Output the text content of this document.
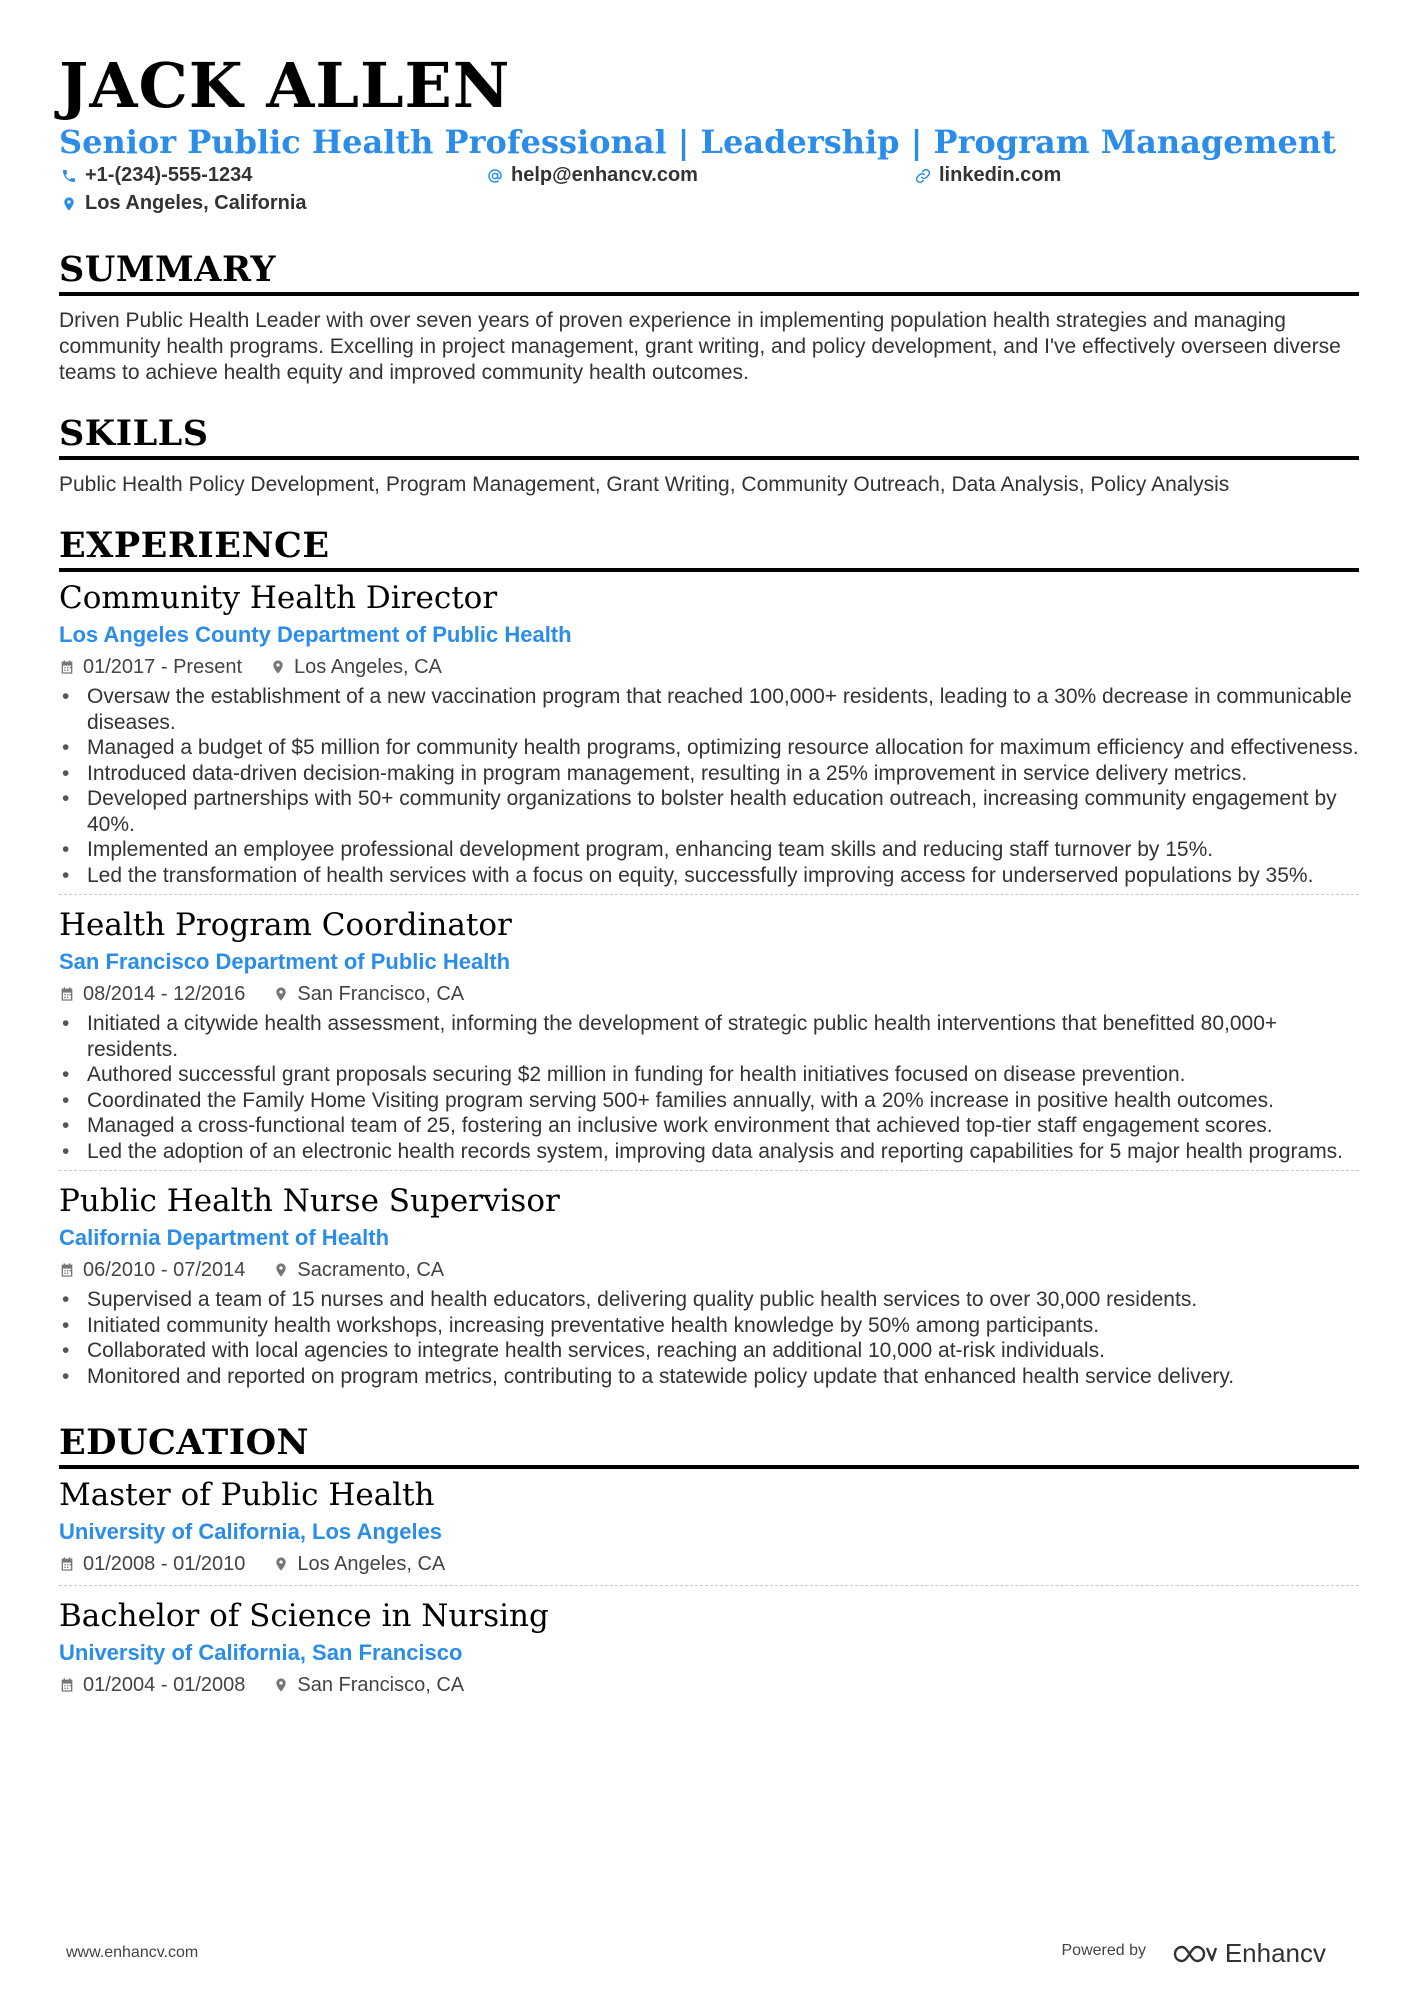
JACK ALLEN
Senior Public Health Professional | Leadership | Program Management
+1-(234)-555-1234	help@enhancv.com	linkedin.com
Los Angeles, California
SUMMARY
Driven Public Health Leader with over seven years of proven experience in implementing population health strategies and managing community health programs. Excelling in project management, grant writing, and policy development, and I've effectively overseen diverse teams to achieve health equity and improved community health outcomes.
SKILLS
Public Health Policy Development, Program Management, Grant Writing, Community Outreach, Data Analysis, Policy Analysis
EXPERIENCE
Community Health Director
Los Angeles County Department of Public Health
01/2017 - Present	Los Angeles, CA
• Oversaw the establishment of a new vaccination program that reached 100,000+ residents, leading to a 30% decrease in communicable diseases.
• Managed a budget of $5 million for community health programs, optimizing resource allocation for maximum efficiency and effectiveness.
• Introduced data-driven decision-making in program management, resulting in a 25% improvement in service delivery metrics.
• Developed partnerships with 50+ community organizations to bolster health education outreach, increasing community engagement by 40%.
• Implemented an employee professional development program, enhancing team skills and reducing staff turnover by 15%.
• Led the transformation of health services with a focus on equity, successfully improving access for underserved populations by 35%.
Health Program Coordinator
San Francisco Department of Public Health
08/2014 - 12/2016	San Francisco, CA
• Initiated a citywide health assessment, informing the development of strategic public health interventions that benefitted 80,000+ residents.
• Authored successful grant proposals securing $2 million in funding for health initiatives focused on disease prevention.
• Coordinated the Family Home Visiting program serving 500+ families annually, with a 20% increase in positive health outcomes.
• Managed a cross-functional team of 25, fostering an inclusive work environment that achieved top-tier staff engagement scores.
• Led the adoption of an electronic health records system, improving data analysis and reporting capabilities for 5 major health programs.
Public Health Nurse Supervisor
California Department of Health
06/2010 - 07/2014	Sacramento, CA
• Supervised a team of 15 nurses and health educators, delivering quality public health services to over 30,000 residents.
• Initiated community health workshops, increasing preventative health knowledge by 50% among participants.
• Collaborated with local agencies to integrate health services, reaching an additional 10,000 at-risk individuals.
• Monitored and reported on program metrics, contributing to a statewide policy update that enhanced health service delivery.
EDUCATION
Master of Public Health
University of California, Los Angeles
01/2008 - 01/2010	Los Angeles, CA
Bachelor of Science in Nursing
University of California, San Francisco
01/2004 - 01/2008	San Francisco, CA
www.enhancv.com	Powered by	Enhancv
